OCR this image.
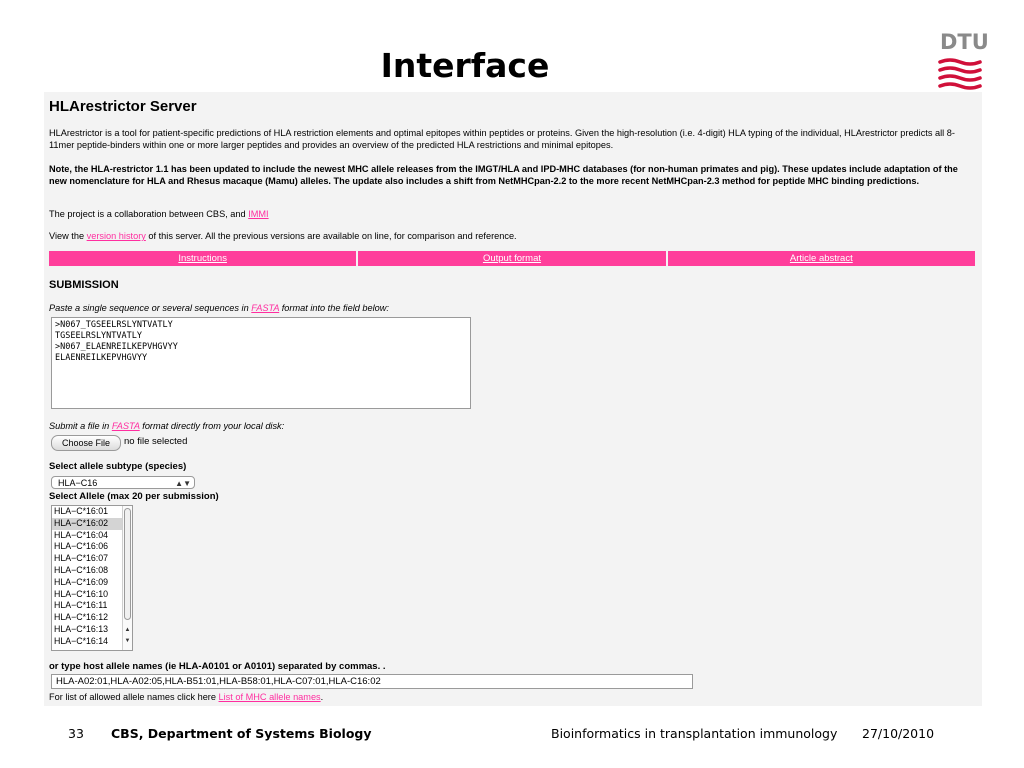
Interface
DTU
HLArestrictor Server

HLArestrictor is a tool for patient-specific predictions of HLA restriction elements and optimal epitopes within peptides or proteins. Given the high-resolution (i.e. 4-digit) HLA typing of the individual, HLArestrictor predicts all 8-11mer peptide-binders within one or more larger peptides and provides an overview of the predicted HLA restrictions and minimal epitopes.

Note, the HLA-restrictor 1.1 has been updated to include the newest MHC allele releases from the IMGT/HLA and IPD-MHC databases (for non-human primates and pig). These updates include adaptation of the new nomenclature for HLA and Rhesus macaque (Mamu) alleles. The update also includes a shift from NetMHCpan-2.2 to the more recent NetMHCpan-2.3 method for peptide MHC binding predictions.

The project is a collaboration between CBS, and IMMI

View the version history of this server. All the previous versions are available on line, for comparison and reference.

Instructions	Output format	Article abstract
SUBMISSION
Paste a single sequence or several sequences in FASTA format into the field below:
>N067_TGSEELRSLYNTVATLY TGSEELRSLYNTVATLY >N067_ELAENREILKEPVHGVYY ELAENREILKEPVHGVYY
Submit a file in FASTA format directly from your local disk:
Choose File	no file selected
Select allele subtype (species)
HLA−C16	▲▼
Select Allele (max 20 per submission)
HLA−C*16:01
HLA−C*16:02
HLA−C*16:04
HLA−C*16:06
HLA−C*16:07
HLA−C*16:08
HLA−C*16:09
HLA−C*16:10
HLA−C*16:11
HLA−C*16:12
HLA−C*16:13
HLA−C*16:14
▲
▼
or type host allele names (ie HLA-A0101 or A0101) separated by commas. .
HLA-A02:01,HLA-A02:05,HLA-B51:01,HLA-B58:01,HLA-C07:01,HLA-C16:02
For list of allowed allele names click here List of MHC allele names.
33 CBS, Department of Systems Biology	Bioinformatics in transplantation immunology 27/10/2010
